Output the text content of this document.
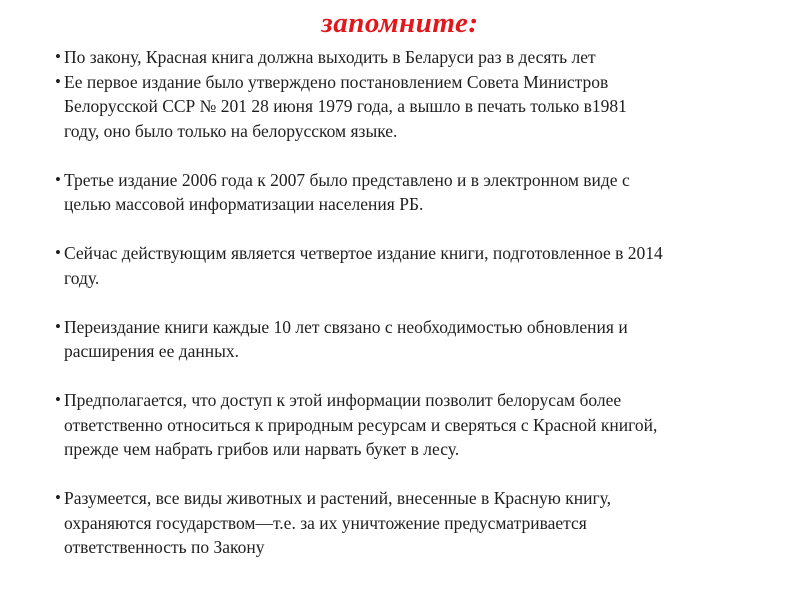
запомните:
• По закону, Красная книга должна выходить в Беларуси раз в десять лет
• Ее первое издание было утверждено постановлением Совета Министров
Белорусской ССР № 201 28 июня 1979 года, а вышло в печать только в1981
году, оно было только на белорусском языке.
• Третье издание 2006 года к 2007 было представлено и в электронном виде с
целью массовой информатизации населения РБ.
• Сейчас действующим является четвертое издание книги, подготовленное в 2014
году.
• Переиздание книги каждые 10 лет связано с необходимостью обновления и
расширения ее данных.
• Предполагается, что доступ к этой информации позволит белорусам более
ответственно относиться к природным ресурсам и сверяться с Красной книгой,
прежде чем набрать грибов или нарвать букет в лесу.
• Разумеется, все виды животных и растений, внесенные в Красную книгу,
охраняются государством—т.е. за их уничтожение предусматривается
ответственность по Закону
